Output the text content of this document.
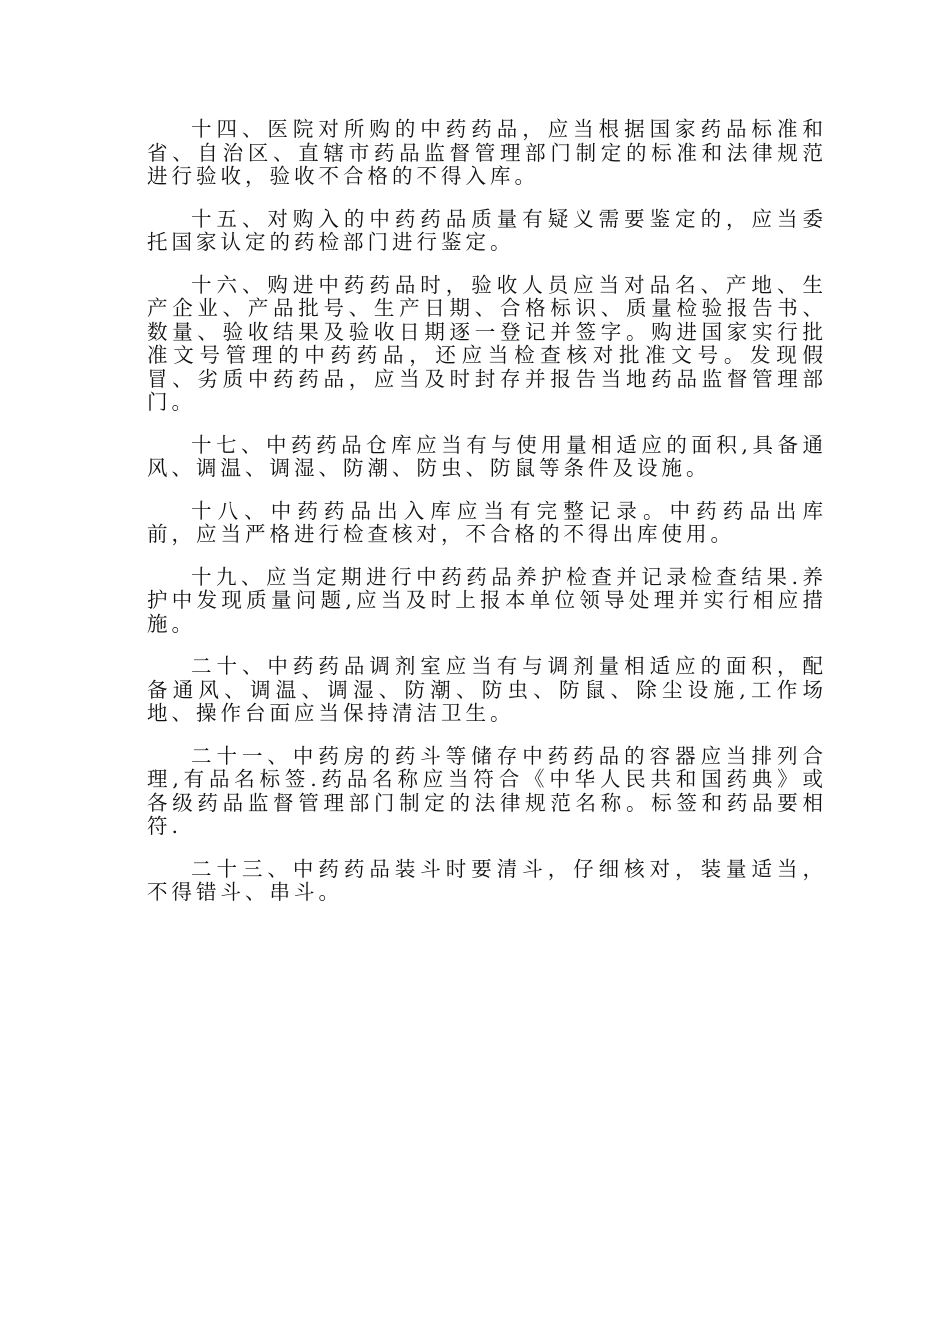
十四、医院对所购的中药药品，应当根据国家药品标准和省、自治区、直辖市药品监督管理部门制定的标准和法律规范进行验收，验收不合格的不得入库。

十五、对购入的中药药品质量有疑义需要鉴定的，应当委托国家认定的药检部门进行鉴定。

十六、购进中药药品时，验收人员应当对品名、产地、生产企业、产品批号、生产日期、合格标识、质量检验报告书、数量、验收结果及验收日期逐一登记并签字。购进国家实行批准文号管理的中药药品，还应当检查核对批准文号。发现假冒、劣质中药药品，应当及时封存并报告当地药品监督管理部门。

十七、中药药品仓库应当有与使用量相适应的面积,具备通风、调温、调湿、防潮、防虫、防鼠等条件及设施。

十八、中药药品出入库应当有完整记录。中药药品出库前，应当严格进行检查核对，不合格的不得出库使用。

十九、应当定期进行中药药品养护检查并记录检查结果.养护中发现质量问题,应当及时上报本单位领导处理并实行相应措施。

二十、中药药品调剂室应当有与调剂量相适应的面积，配备通风、调温、调湿、防潮、防虫、防鼠、除尘设施,工作场地、操作台面应当保持清洁卫生。

二十一、中药房的药斗等储存中药药品的容器应当排列合理,有品名标签.药品名称应当符合《中华人民共和国药典》或各级药品监督管理部门制定的法律规范名称。标签和药品要相符.

二十三、中药药品装斗时要清斗，仔细核对，装量适当，不得错斗、串斗。
